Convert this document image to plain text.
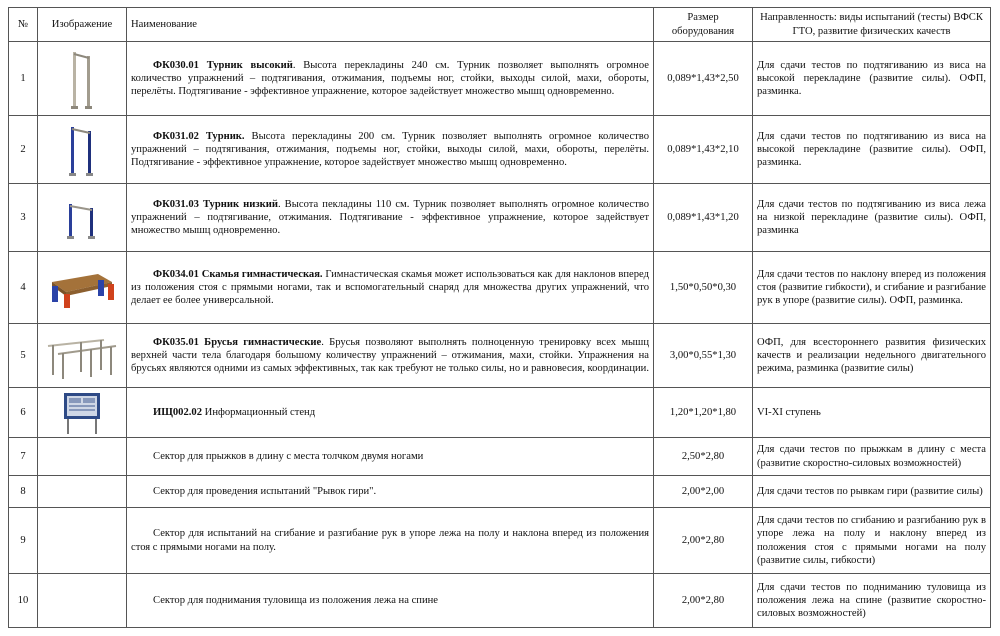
№	Изображение	Наименование	Размер оборудования	Направленность: виды испытаний (тесты) ВФСК ГТО, развитие физических качеств
1		ФК030.01 Турник высокий. Высота перекладины 240 см. Турник позволяет выполнять огромное количество упражнений – подтягивания, отжимания, подъемы ног, стойки, выходы силой, махи, обороты, перелёты. Подтягивание - эффективное упражнение, которое задействует множество мышц одновременно.	0,089*1,43*2,50	Для сдачи тестов по подтягиванию из виса на высокой перекладине (развитие силы). ОФП, разминка.
2		ФК031.02 Турник. Высота перекладины 200 см. Турник позволяет выполнять огромное количество упражнений – подтягивания, отжимания, подъемы ног, стойки, выходы силой, махи, обороты, перелёты. Подтягивание - эффективное упражнение, которое задействует множество мышц одновременно.	0,089*1,43*2,10	Для сдачи тестов по подтягиванию из виса на высокой перекладине (развитие силы). ОФП, разминка.
3		ФК031.03 Турник низкий. Высота пекладины 110 см. Турник позволяет выполнять огромное количество упражнений – подтягивание, отжимания. Подтягивание - эффективное упражнение, которое задействует множество мышц одновременно.	0,089*1,43*1,20	Для сдачи тестов по подтягиванию из виса лежа на низкой перекладине (развитие силы). ОФП, разминка
4		ФК034.01 Скамья гимнастическая. Гимнастическая скамья может использоваться как для наклонов вперед из положения стоя с прямыми ногами, так и вспомогательный снаряд для множества других упражнений, что делает ее более универсальной.	1,50*0,50*0,30	Для сдачи тестов по наклону вперед из положения стоя (развитие гибкости), и сгибание и разгибание рук в упоре (развитие силы). ОФП, разминка.
5		ФК035.01 Брусья гимнастические. Брусья позволяют выполнять полноценную тренировку всех мышц верхней части тела благодаря большому количеству упражнений – отжимания, махи, стойки. Упражнения на брусьях являются одними из самых эффективных, так как требуют не только силы, но и равновесия, координации.	3,00*0,55*1,30	ОФП, для всестороннего развития физических качеств и реализации недельного двигательного режима, разминка (развитие силы)
6		ИЩ002.02 Информационный стенд	1,20*1,20*1,80	VI-XI ступень
7		Сектор для прыжков в длину с места толчком двумя ногами	2,50*2,80	Для сдачи тестов по прыжкам в длину с места (развитие скоростно-силовых возможностей)
8		Сектор для проведения испытаний "Рывок гири".	2,00*2,00	Для сдачи тестов по рывкам гири (развитие силы)
9		Сектор для испытаний на сгибание и разгибание рук в упоре лежа на полу и наклона вперед из положения стоя с прямыми ногами на полу.	2,00*2,80	Для сдачи тестов по сгибанию и разгибанию рук в упоре лежа на полу и наклону вперед из положения стоя с прямыми ногами на полу (развитие силы, гибкости)
10		Сектор для поднимания туловища из положения лежа на спине	2,00*2,80	Для сдачи тестов по подниманию туловища из положения лежа на спине (развитие скоростно-силовых возможностей)
